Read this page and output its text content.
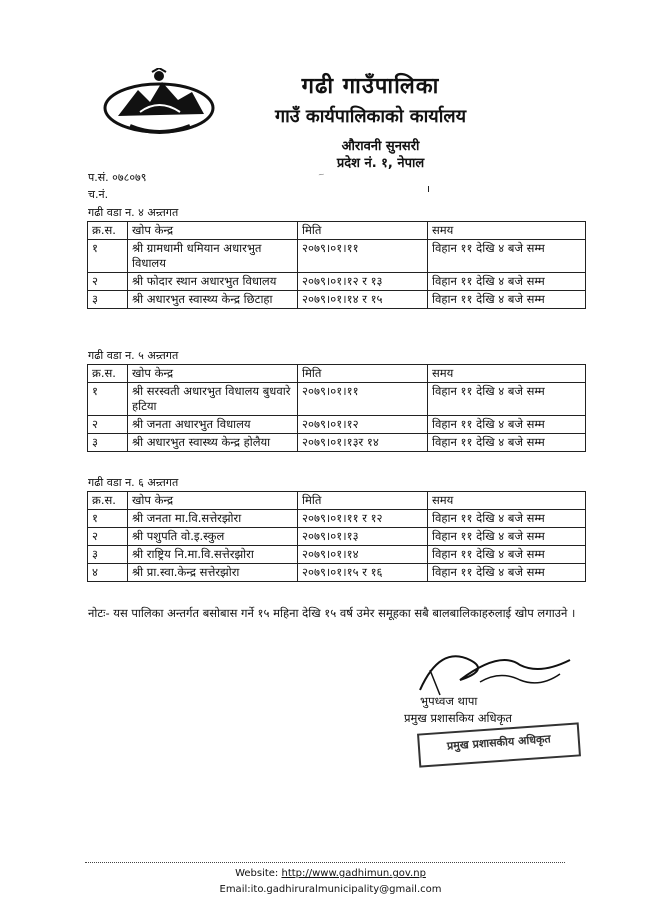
गढी गाउँपालिका
गाउँ कार्यपालिकाको कार्यालय
औरावनी सुनसरी
प्रदेश नं. १, नेपाल
~
प.सं. ०७८०७९
च.नं.
गढी वडा न. ४ अन्र्तगत
क्र.स.	खोप केन्द्र	मिति	समय
१	श्री ग्रामधामी धमियान अधारभुत विधालय	२०७९।०१।११	विहान ११ देखि ४ बजे सम्म
२	श्री फोदार स्थान अधारभुत विधालय	२०७९।०१।१२ र १३	विहान ११ देखि ४ बजे सम्म
३	श्री अधारभुत स्वास्थ्य केन्द्र छिटाहा	२०७९।०१।१४ र १५	विहान ११ देखि ४ बजे सम्म
गढी वडा न. ५ अन्र्तगत
क्र.स.	खोप केन्द्र	मिति	समय
१	श्री सरस्वती अधारभुत विधालय बुधवारे हटिया	२०७९।०१।११	विहान ११ देखि ४ बजे सम्म
२	श्री जनता अधारभुत विधालय	२०७९।०१।१२	विहान ११ देखि ४ बजे सम्म
३	श्री अधारभुत स्वास्थ्य केन्द्र होलैया	२०७९।०१।१३र १४	विहान ११ देखि ४ बजे सम्म
गढी वडा न. ६ अन्र्तगत
क्र.स.	खोप केन्द्र	मिति	समय
१	श्री जनता मा.वि.सत्तेरझोरा	२०७९।०१।११ र १२	विहान ११ देखि ४ बजे सम्म
२	श्री पशुपति वो.इ.स्कुल	२०७९।०१।१३	विहान ११ देखि ४ बजे सम्म
३	श्री राष्ट्रिय नि.मा.वि.सत्तेरझोरा	२०७९।०१।१४	विहान ११ देखि ४ बजे सम्म
४	श्री प्रा.स्वा.केन्द्र सत्तेरझोरा	२०७९।०१।१५ र १६	विहान ११ देखि ४ बजे सम्म
नोटः- यस पालिका अन्तर्गत बसोबास गर्ने १५ महिना देखि १५ वर्ष उमेर समूहका सबै बालबालिकाहरुलाई खोप लगाउने ।
भुपध्वज थापा
प्रमुख प्रशासकिय अधिकृत
प्रमुख प्रशासकीय अधिकृत
Website: http://www.gadhimun.gov.np
Email:ito.gadhiruralmunicipality@gmail.com
